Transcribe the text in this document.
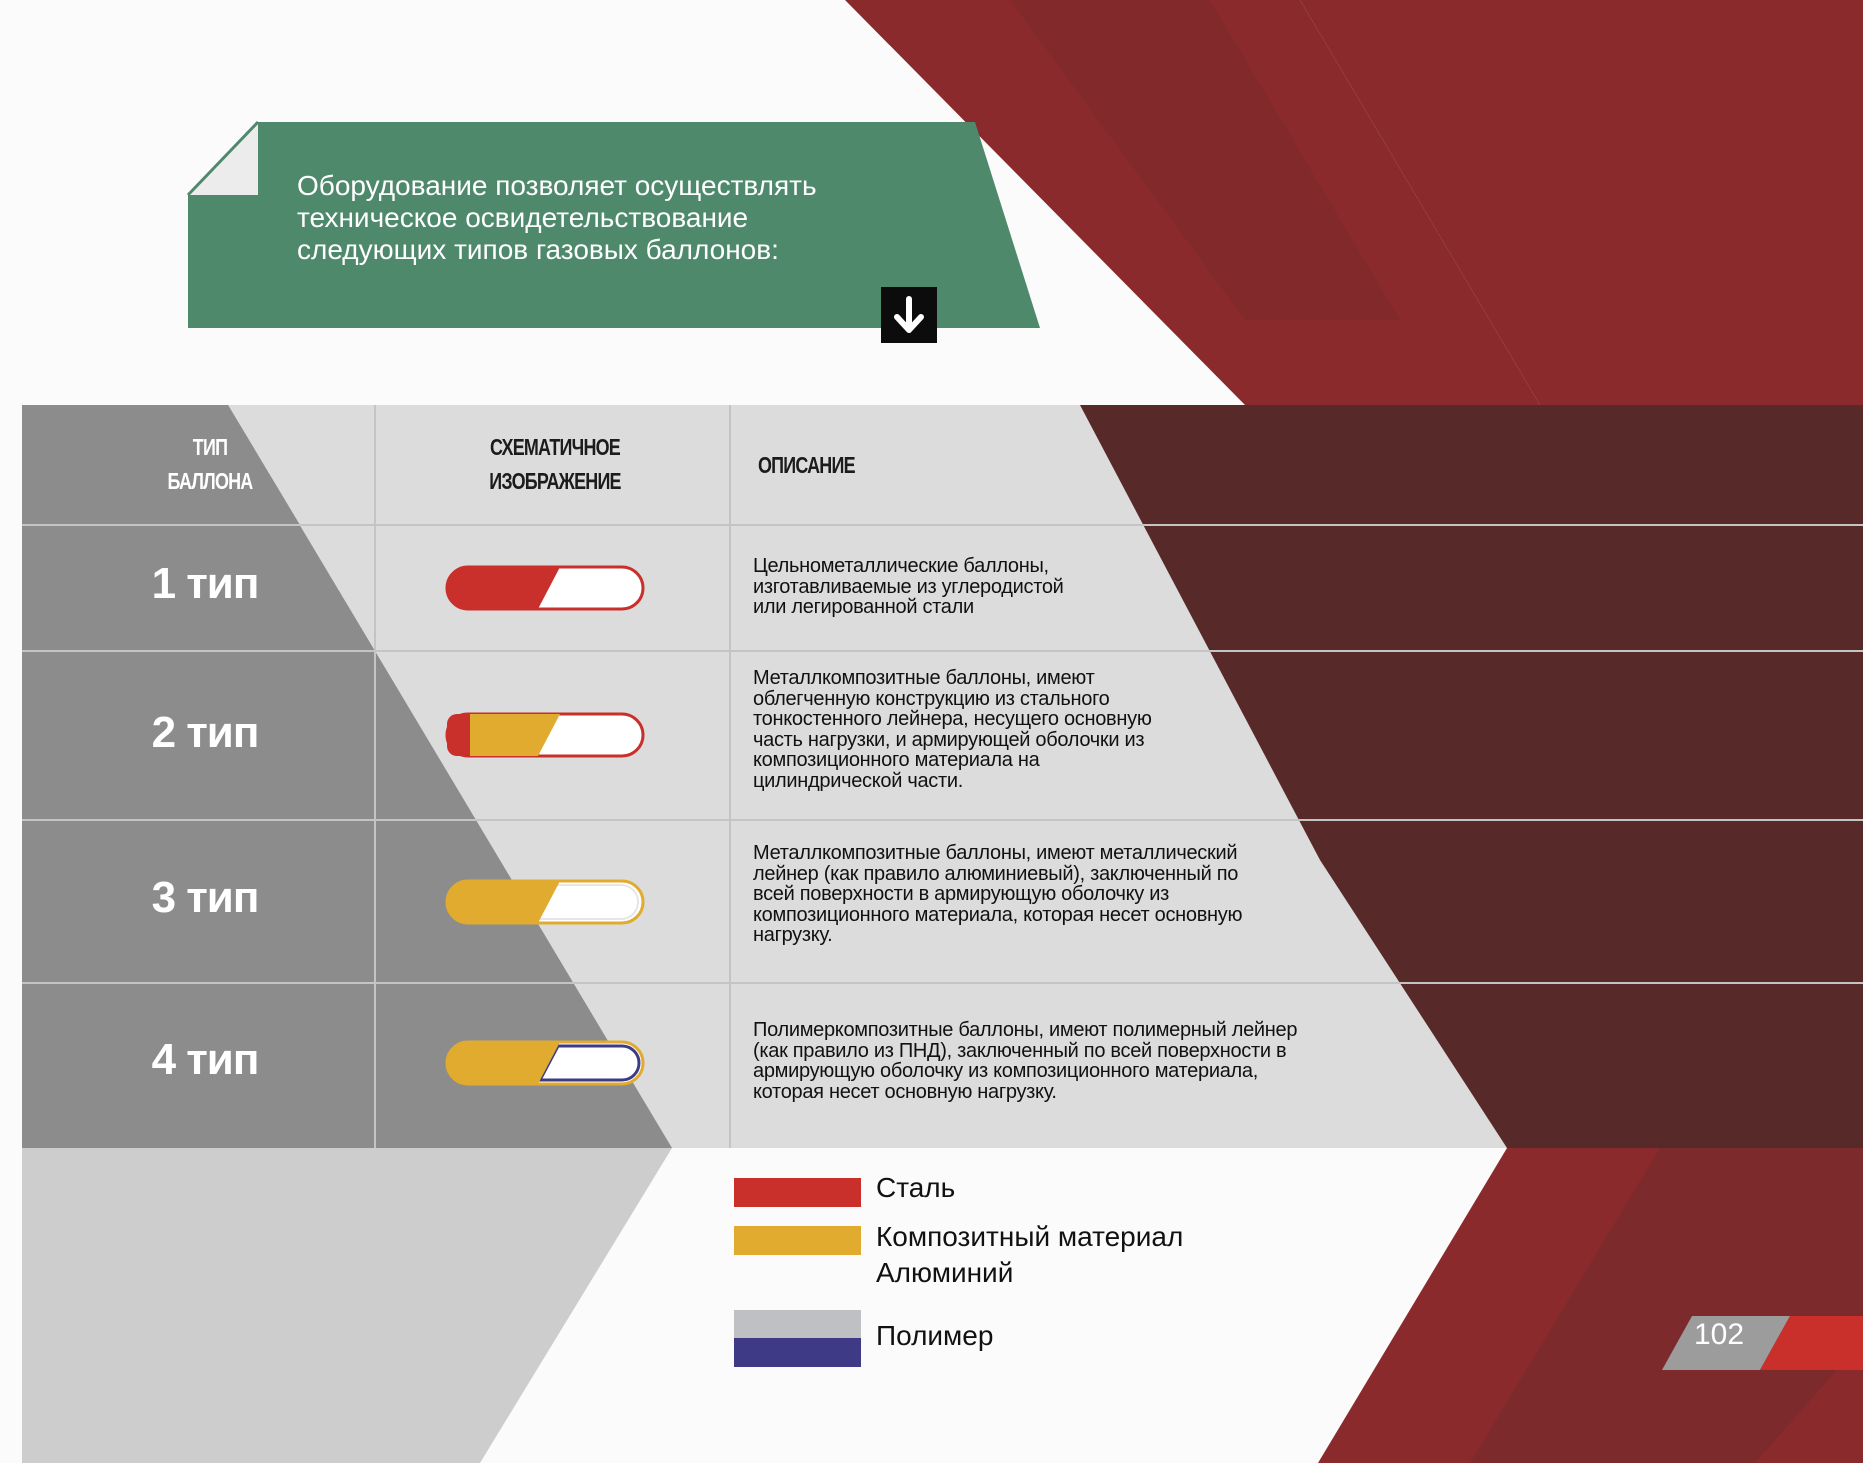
Оборудование позволяет осуществлять
техническое освидетельствование
следующих типов газовых баллонов:
ТИП
БАЛЛОНА
СХЕМАТИЧНОЕ
ИЗОБРАЖЕНИЕ
ОПИСАНИЕ
1 тип
2 тип
3 тип
4 тип
Цельнометаллические баллоны,
изготавливаемые из углеродистой
или легированной стали
Металлкомпозитные баллоны, имеют
облегченную конструкцию из стального
тонкостенного лейнера, несущего основную
часть нагрузки, и армирующей оболочки из
композиционного материала на
цилиндрической части.
Металлкомпозитные баллоны, имеют металлический
лейнер (как правило алюминиевый), заключенный по
всей поверхности в армирующую оболочку из
композиционного материала, которая несет основную
нагрузку.
Полимеркомпозитные баллоны, имеют полимерный лейнер
(как правило из ПНД), заключенный по всей поверхности в
армирующую оболочку из композиционного материала,
которая несет основную нагрузку.
Сталь
Композитный материал
Алюминий
Полимер	102
